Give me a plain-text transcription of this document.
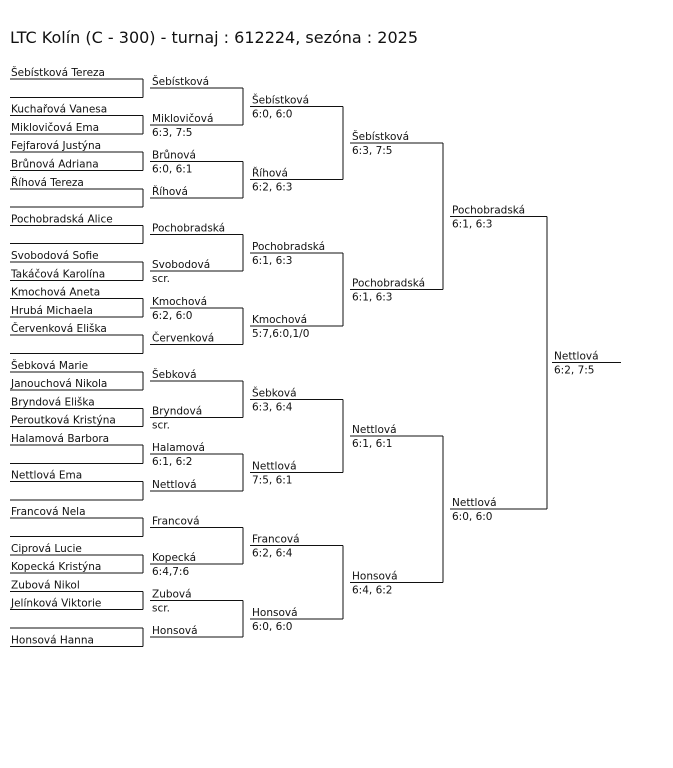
LTC Kolín (C - 300) - turnaj : 612224, sezóna : 2025
Šebístková Tereza
Kuchařová Vanesa
Miklovičová Ema
Fejfarová Justýna
Brůnová Adriana
Říhová Tereza
Pochobradská Alice
Svobodová Sofie
Takáčová Karolína
Kmochová Aneta
Hrubá Michaela
Červenková Eliška
Šebková Marie
Janouchová Nikola
Bryndová Eliška
Peroutková Kristýna
Halamová Barbora
Nettlová Ema
Francová Nela
Ciprová Lucie
Kopecká Kristýna
Zubová Nikol
Jelínková Viktorie
Honsová Hanna
Šebístková
Miklovičová
6:3, 7:5
Brůnová
6:0, 6:1
Říhová
Pochobradská
Svobodová
scr.
Kmochová
6:2, 6:0
Červenková
Šebková
Bryndová
scr.
Halamová
6:1, 6:2
Nettlová
Francová
Kopecká
6:4,7:6
Zubová
scr.
Honsová
Šebístková
6:0, 6:0
Říhová
6:2, 6:3
Pochobradská
6:1, 6:3
Kmochová
5:7,6:0,1/0
Šebková
6:3, 6:4
Nettlová
7:5, 6:1
Francová
6:2, 6:4
Honsová
6:0, 6:0
Šebístková
6:3, 7:5
Pochobradská
6:1, 6:3
Nettlová
6:1, 6:1
Honsová
6:4, 6:2
Pochobradská
6:1, 6:3
Nettlová
6:0, 6:0
Nettlová
6:2, 7:5
